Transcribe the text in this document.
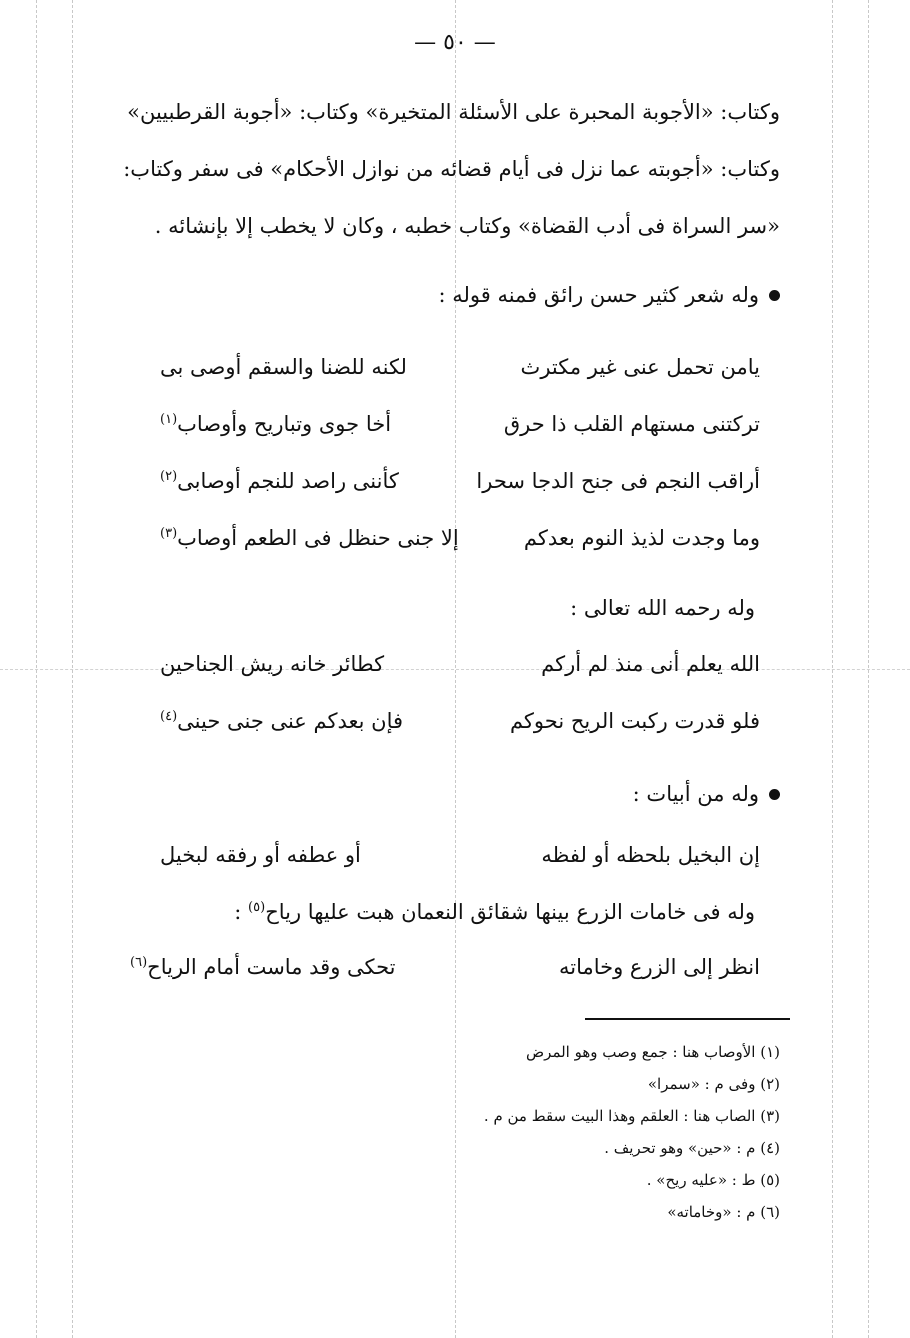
— ٥٠ —
وكتاب: «الأجوبة المحبرة على الأسئلة المتخيرة» وكتاب: «أجوبة القرطبيين»
وكتاب: «أجوبته عما نزل فى أيام قضائه من نوازل الأحكام» فى سفر وكتاب:
«سر السراة فى أدب القضاة» وكتاب خطبه ، وكان لا يخطب إلا بإنشائه .
وله شعر كثير حسن رائق فمنه قوله :
يامن تحمل عنى غير مكترث
لكنه للضنا والسقم أوصى بى
تركتنى مستهام القلب ذا حرق
أخا جوى وتباريح وأوصاب$^{(١)}$
أراقب النجم فى جنح الدجا سحرا
كأننى راصد للنجم أوصابى$^{(٢)}$
وما وجدت لذيذ النوم بعدكم
إلا جنى حنظل فى الطعم أوصاب$^{(٣)}$
وله رحمه الله تعالى :
الله يعلم أنى منذ لم أركم
كطائر خانه ريش الجناحين
فلو قدرت ركبت الريح نحوكم
فإن بعدكم عنى جنى حينى$^{(٤)}$
وله من أبيات :
إن البخيل بلحظه أو لفظه
أو عطفه أو رفقه لبخيل
وله فى خامات الزرع بينها شقائق النعمان هبت عليها رياح$^{(٥)}$ :
انظر إلى الزرع وخاماته
تحكى وقد ماست أمام الرياح$^{(٦)}$
(١) الأوصاب هنا : جمع وصب وهو المرض
(٢) وفى م : «سمرا»
(٣) الصاب هنا : العلقم وهذا البيت سقط من م .
(٤) م : «حين» وهو تحريف .
(٥) ط : «عليه ريح» .
(٦) م : «وخاماته»
